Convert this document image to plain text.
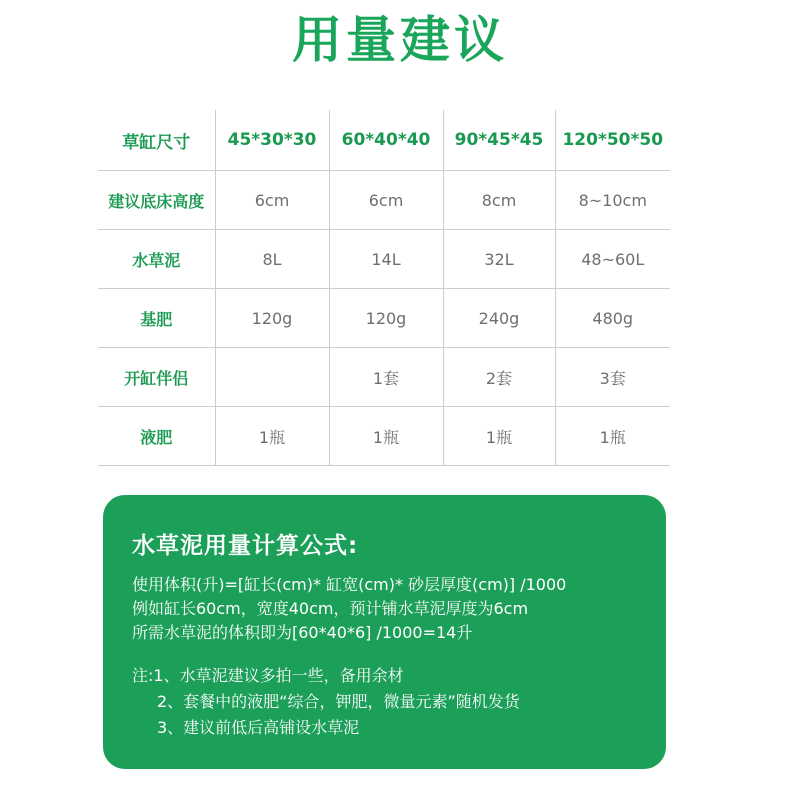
用量建议
草缸尺寸	45*30*30	60*40*40	90*45*45	120*50*50
建议底床高度	6cm	6cm	8cm	8~10cm
水草泥	8L	14L	32L	48~60L
基肥	120g	120g	240g	480g
开缸伴侣		1套	2套	3套
液肥	1瓶	1瓶	1瓶	1瓶
水草泥用量计算公式:
使用体积(升)=[缸长(cm)* 缸宽(cm)* 砂层厚度(cm)] /1000
例如缸长60cm，宽度40cm，预计铺水草泥厚度为6cm
所需水草泥的体积即为[60*40*6] /1000=14升
注:1、水草泥建议多拍一些，备用余材
2、套餐中的液肥“综合，钾肥，微量元素”随机发货
3、建议前低后高铺设水草泥
